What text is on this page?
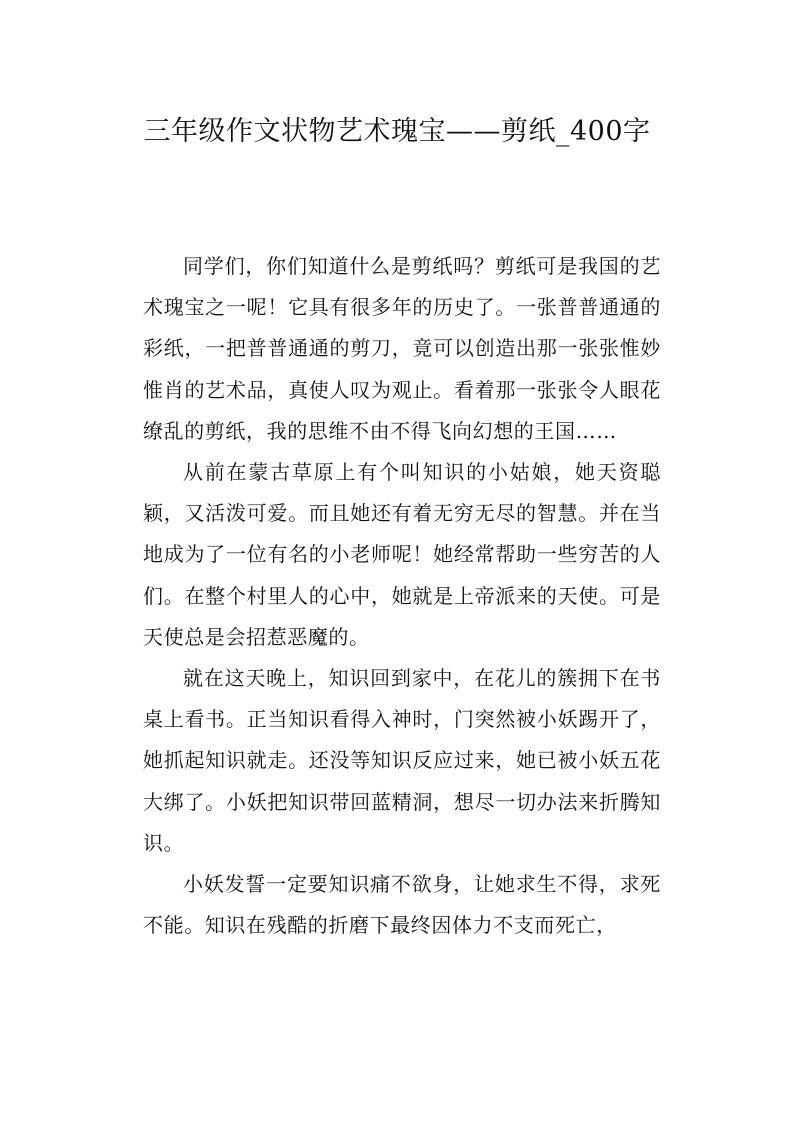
三年级作文状物艺术瑰宝——剪纸_400字

同学们，你们知道什么是剪纸吗？剪纸可是我国的艺术瑰宝之一呢！它具有很多年的历史了。一张普普通通的彩纸，一把普普通通的剪刀，竟可以创造出那一张张惟妙惟肖的艺术品，真使人叹为观止。看着那一张张令人眼花缭乱的剪纸，我的思维不由不得飞向幻想的王国……

从前在蒙古草原上有个叫知识的小姑娘，她天资聪颖，又活泼可爱。而且她还有着无穷无尽的智慧。并在当地成为了一位有名的小老师呢！她经常帮助一些穷苦的人们。在整个村里人的心中，她就是上帝派来的天使。可是天使总是会招惹恶魔的。

就在这天晚上，知识回到家中，在花儿的簇拥下在书桌上看书。正当知识看得入神时，门突然被小妖踢开了，她抓起知识就走。还没等知识反应过来，她已被小妖五花大绑了。小妖把知识带回蓝精洞，想尽一切办法来折腾知识。

小妖发誓一定要知识痛不欲身，让她求生不得，求死不能。知识在残酷的折磨下最终因体力不支而死亡，
